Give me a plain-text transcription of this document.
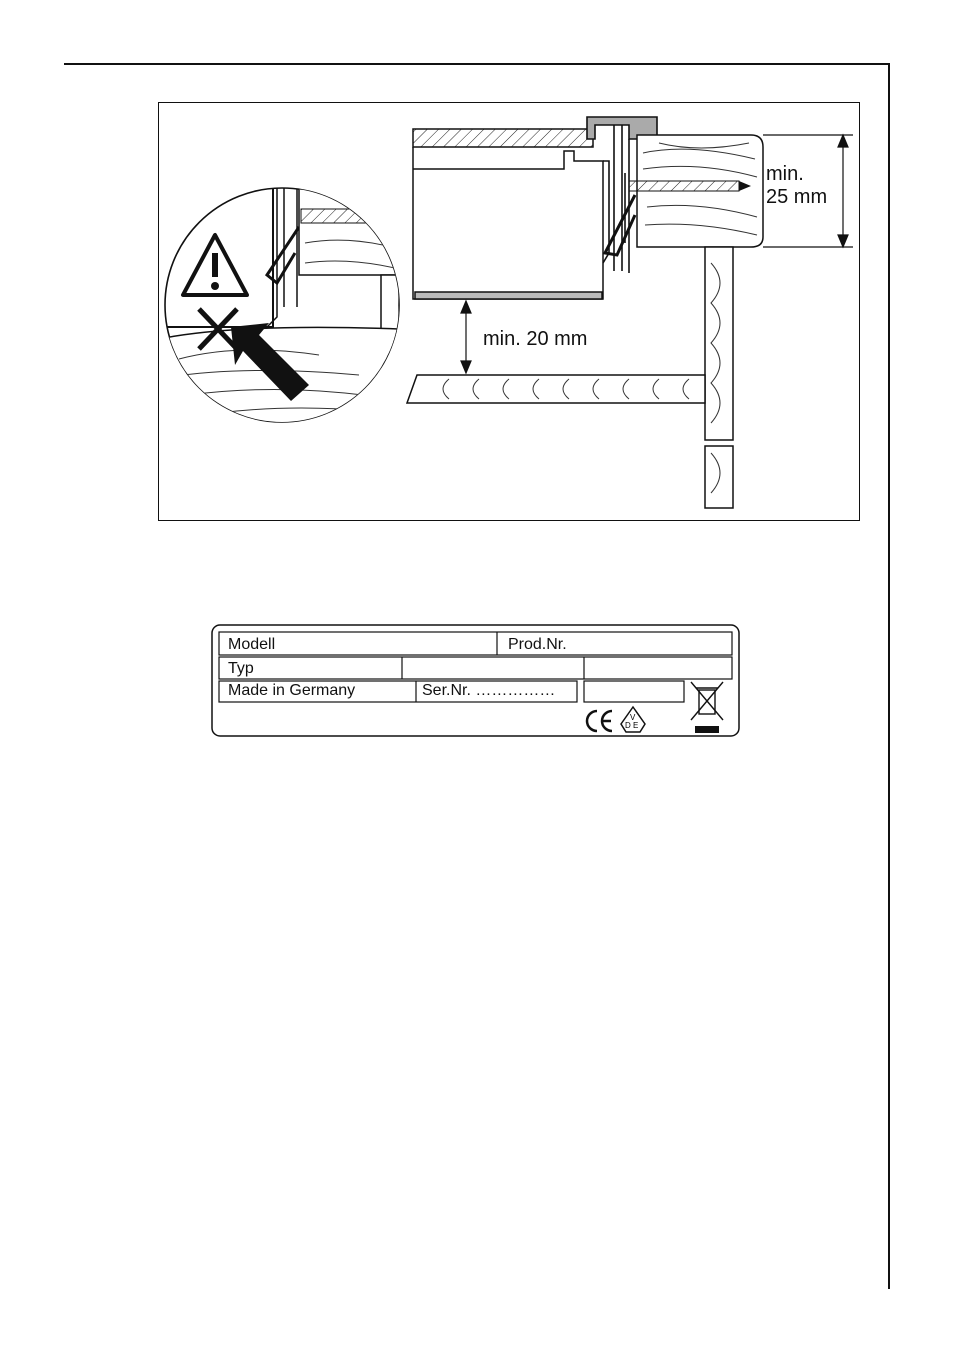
min.
25 mm
min. 20 mm
V
D E
Modell	Prod.Nr.
Typ
Made in Germany	Ser.Nr. ……………
